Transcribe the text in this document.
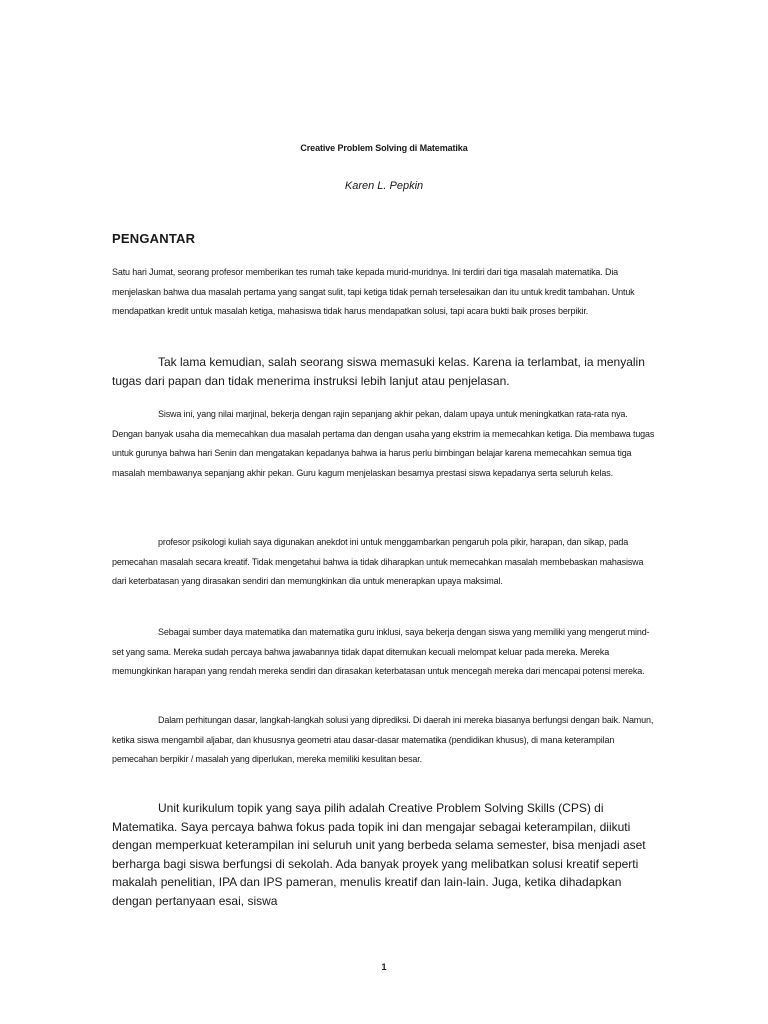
Creative Problem Solving di Matematika
Karen L. Pepkin
PENGANTAR

Satu hari Jumat, seorang profesor memberikan tes rumah take kepada murid-muridnya. Ini terdiri dari tiga masalah matematika. Dia menjelaskan bahwa dua masalah pertama yang sangat sulit, tapi ketiga tidak pernah terselesaikan dan itu untuk kredit tambahan. Untuk mendapatkan kredit untuk masalah ketiga, mahasiswa tidak harus mendapatkan solusi, tapi acara bukti baik proses berpikir.

Tak lama kemudian, salah seorang siswa memasuki kelas. Karena ia terlambat, ia menyalin tugas dari papan dan tidak menerima instruksi lebih lanjut atau penjelasan.

Siswa ini, yang nilai marjinal, bekerja dengan rajin sepanjang akhir pekan, dalam upaya untuk meningkatkan rata-rata nya. Dengan banyak usaha dia memecahkan dua masalah pertama dan dengan usaha yang ekstrim ia memecahkan ketiga. Dia membawa tugas untuk gurunya bahwa hari Senin dan mengatakan kepadanya bahwa ia harus perlu bimbingan belajar karena memecahkan semua tiga masalah membawanya sepanjang akhir pekan. Guru kagum menjelaskan besarnya prestasi siswa kepadanya serta seluruh kelas.

profesor psikologi kuliah saya digunakan anekdot ini untuk menggambarkan pengaruh pola pikir, harapan, dan sikap, pada pemecahan masalah secara kreatif. Tidak mengetahui bahwa ia tidak diharapkan untuk memecahkan masalah membebaskan mahasiswa dari keterbatasan yang dirasakan sendiri dan memungkinkan dia untuk menerapkan upaya maksimal.

Sebagai sumber daya matematika dan matematika guru inklusi, saya bekerja dengan siswa yang memiliki yang mengerut mind-set yang sama. Mereka sudah percaya bahwa jawabannya tidak dapat ditemukan kecuali melompat keluar pada mereka. Mereka memungkinkan harapan yang rendah mereka sendiri dan dirasakan keterbatasan untuk mencegah mereka dari mencapai potensi mereka.

Dalam perhitungan dasar, langkah-langkah solusi yang diprediksi. Di daerah ini mereka biasanya berfungsi dengan baik. Namun, ketika siswa mengambil aljabar, dan khususnya geometri atau dasar-dasar matematika (pendidikan khusus), di mana keterampilan pemecahan berpikir / masalah yang diperlukan, mereka memiliki kesulitan besar.

Unit kurikulum topik yang saya pilih adalah Creative Problem Solving Skills (CPS) di Matematika. Saya percaya bahwa fokus pada topik ini dan mengajar sebagai keterampilan, diikuti dengan memperkuat keterampilan ini seluruh unit yang berbeda selama semester, bisa menjadi aset berharga bagi siswa berfungsi di sekolah. Ada banyak proyek yang melibatkan solusi kreatif seperti makalah penelitian, IPA dan IPS pameran, menulis kreatif dan lain-lain. Juga, ketika dihadapkan dengan pertanyaan esai, siswa

1
